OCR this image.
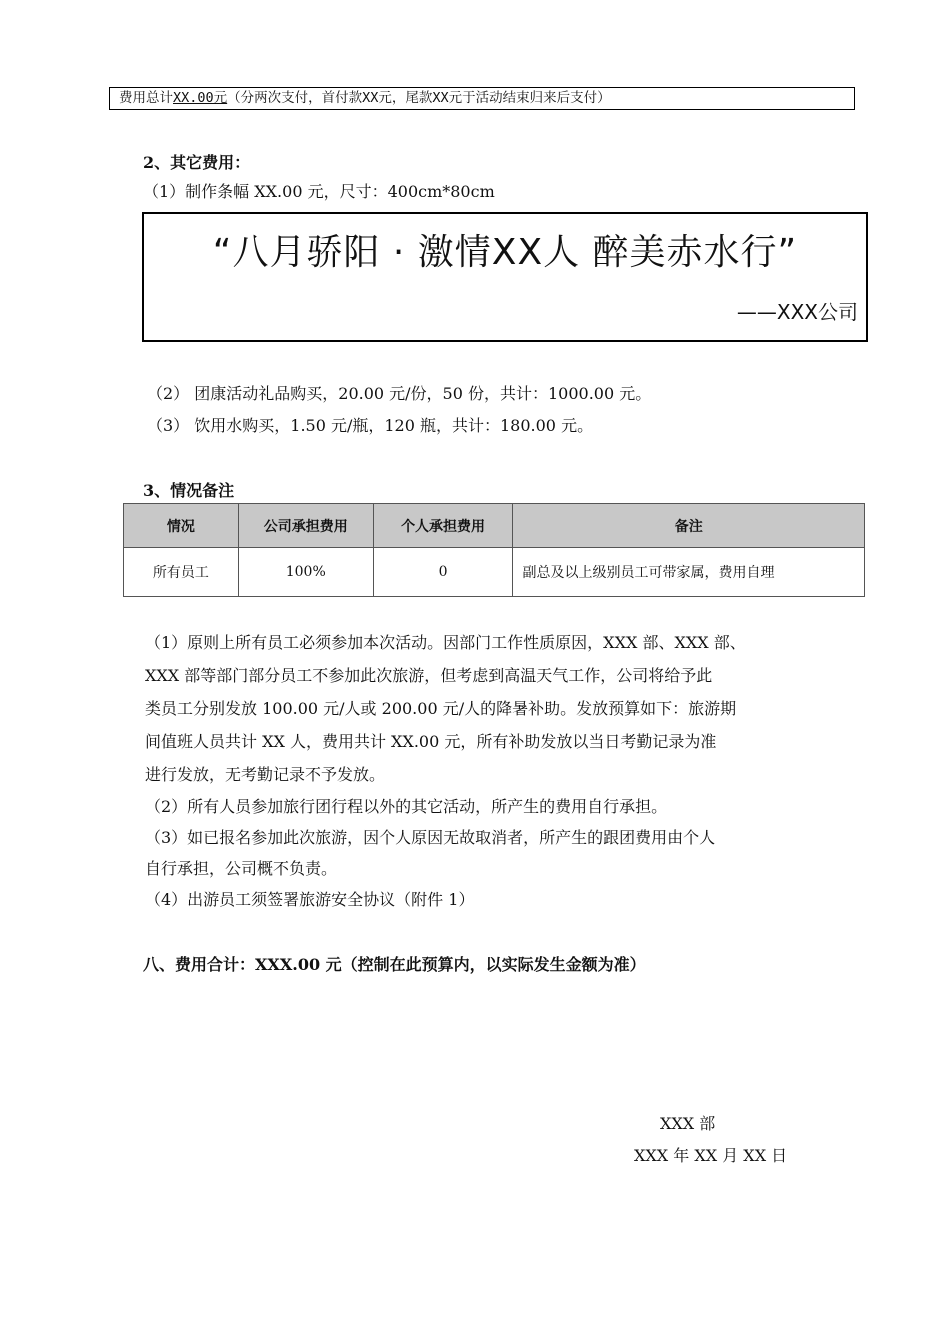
费用总计XX.00元（分两次支付，首付款XX元，尾款XX元于活动结束归来后支付）
2、其它费用：
（1）制作条幅 XX.00 元，尺寸：400cm*80cm
“八月骄阳 · 激情XX人 醉美赤水行”
——XXX公司
（2） 团康活动礼品购买，20.00 元/份，50 份，共计：1000.00 元。
（3） 饮用水购买，1.50 元/瓶，120 瓶，共计：180.00 元。
3、情况备注
情况	公司承担费用	个人承担费用	备注
所有员工	100%	0	副总及以上级别员工可带家属，费用自理
（1）原则上所有员工必须参加本次活动。因部门工作性质原因，XXX 部、XXX 部、
XXX 部等部门部分员工不参加此次旅游，但考虑到高温天气工作，公司将给予此
类员工分别发放 100.00 元/人或 200.00 元/人的降暑补助。发放预算如下：旅游期
间值班人员共计 XX 人，费用共计 XX.00 元，所有补助发放以当日考勤记录为准
进行发放，无考勤记录不予发放。
（2）所有人员参加旅行团行程以外的其它活动，所产生的费用自行承担。
（3）如已报名参加此次旅游，因个人原因无故取消者，所产生的跟团费用由个人
自行承担，公司概不负责。
（4）出游员工须签署旅游安全协议（附件 1）
八、费用合计：XXX.00 元（控制在此预算内，以实际发生金额为准）
XXX 部
XXX 年 XX 月 XX 日
